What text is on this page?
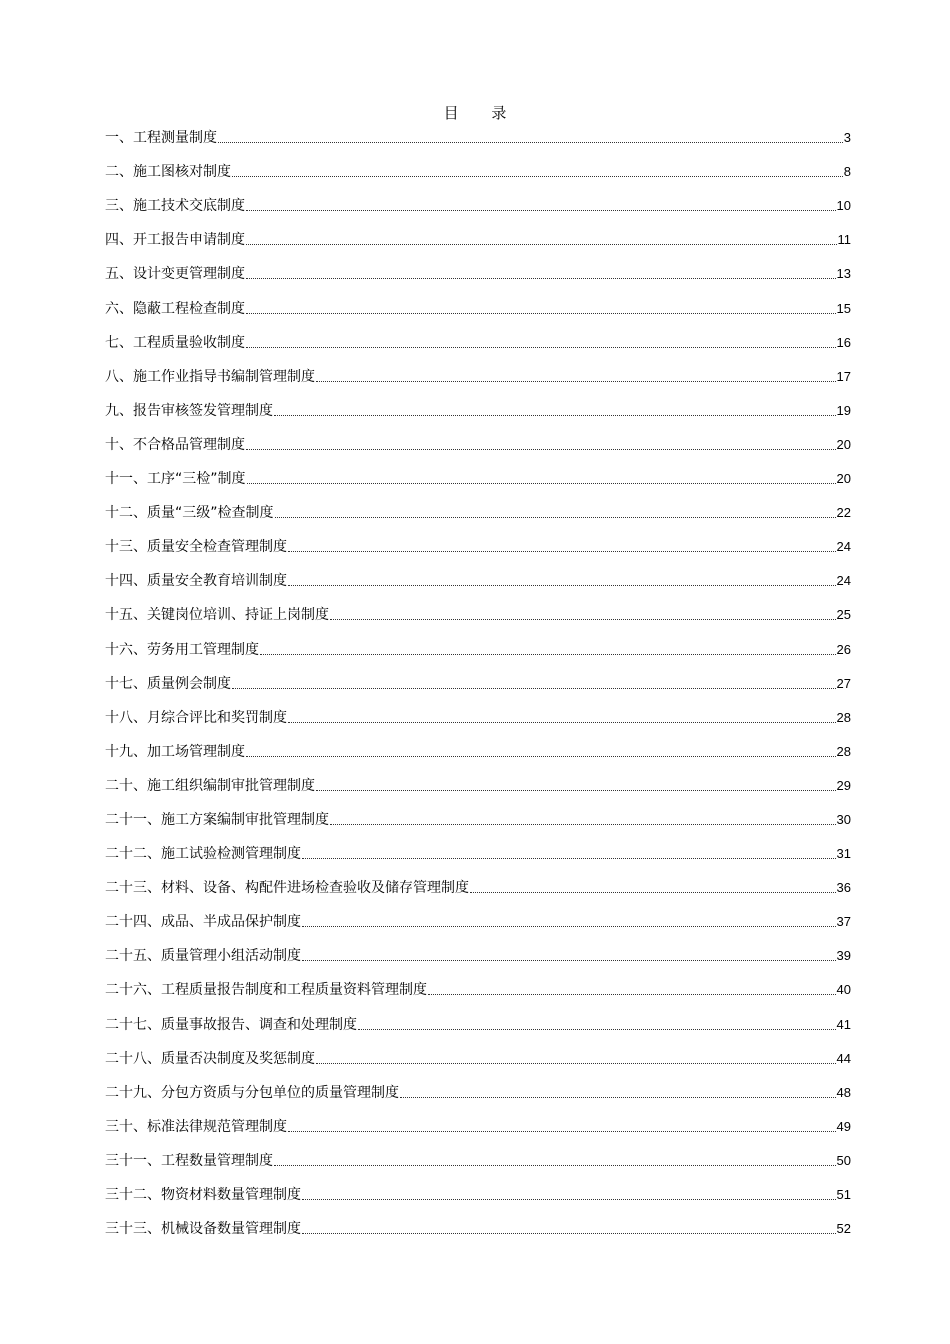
目 录
一、工程测量制度	3
二、施工图核对制度	8
三、施工技术交底制度	10
四、开工报告申请制度	11
五、设计变更管理制度	13
六、隐蔽工程检查制度	15
七、工程质量验收制度	16
八、施工作业指导书编制管理制度	17
九、报告审核签发管理制度	19
十、不合格品管理制度	20
十一、工序“三检”制度	20
十二、质量“三级”检查制度	22
十三、质量安全检查管理制度	24
十四、质量安全教育培训制度	24
十五、关键岗位培训、持证上岗制度	25
十六、劳务用工管理制度	26
十七、质量例会制度	27
十八、月综合评比和奖罚制度	28
十九、加工场管理制度	28
二十、施工组织编制审批管理制度	29
二十一、施工方案编制审批管理制度	30
二十二、施工试验检测管理制度	31
二十三、材料、设备、构配件进场检查验收及储存管理制度	36
二十四、成品、半成品保护制度	37
二十五、质量管理小组活动制度	39
二十六、工程质量报告制度和工程质量资料管理制度	40
二十七、质量事故报告、调查和处理制度	41
二十八、质量否决制度及奖惩制度	44
二十九、分包方资质与分包单位的质量管理制度	48
三十、标准法律规范管理制度	49
三十一、工程数量管理制度	50
三十二、物资材料数量管理制度	51
三十三、机械设备数量管理制度	52
